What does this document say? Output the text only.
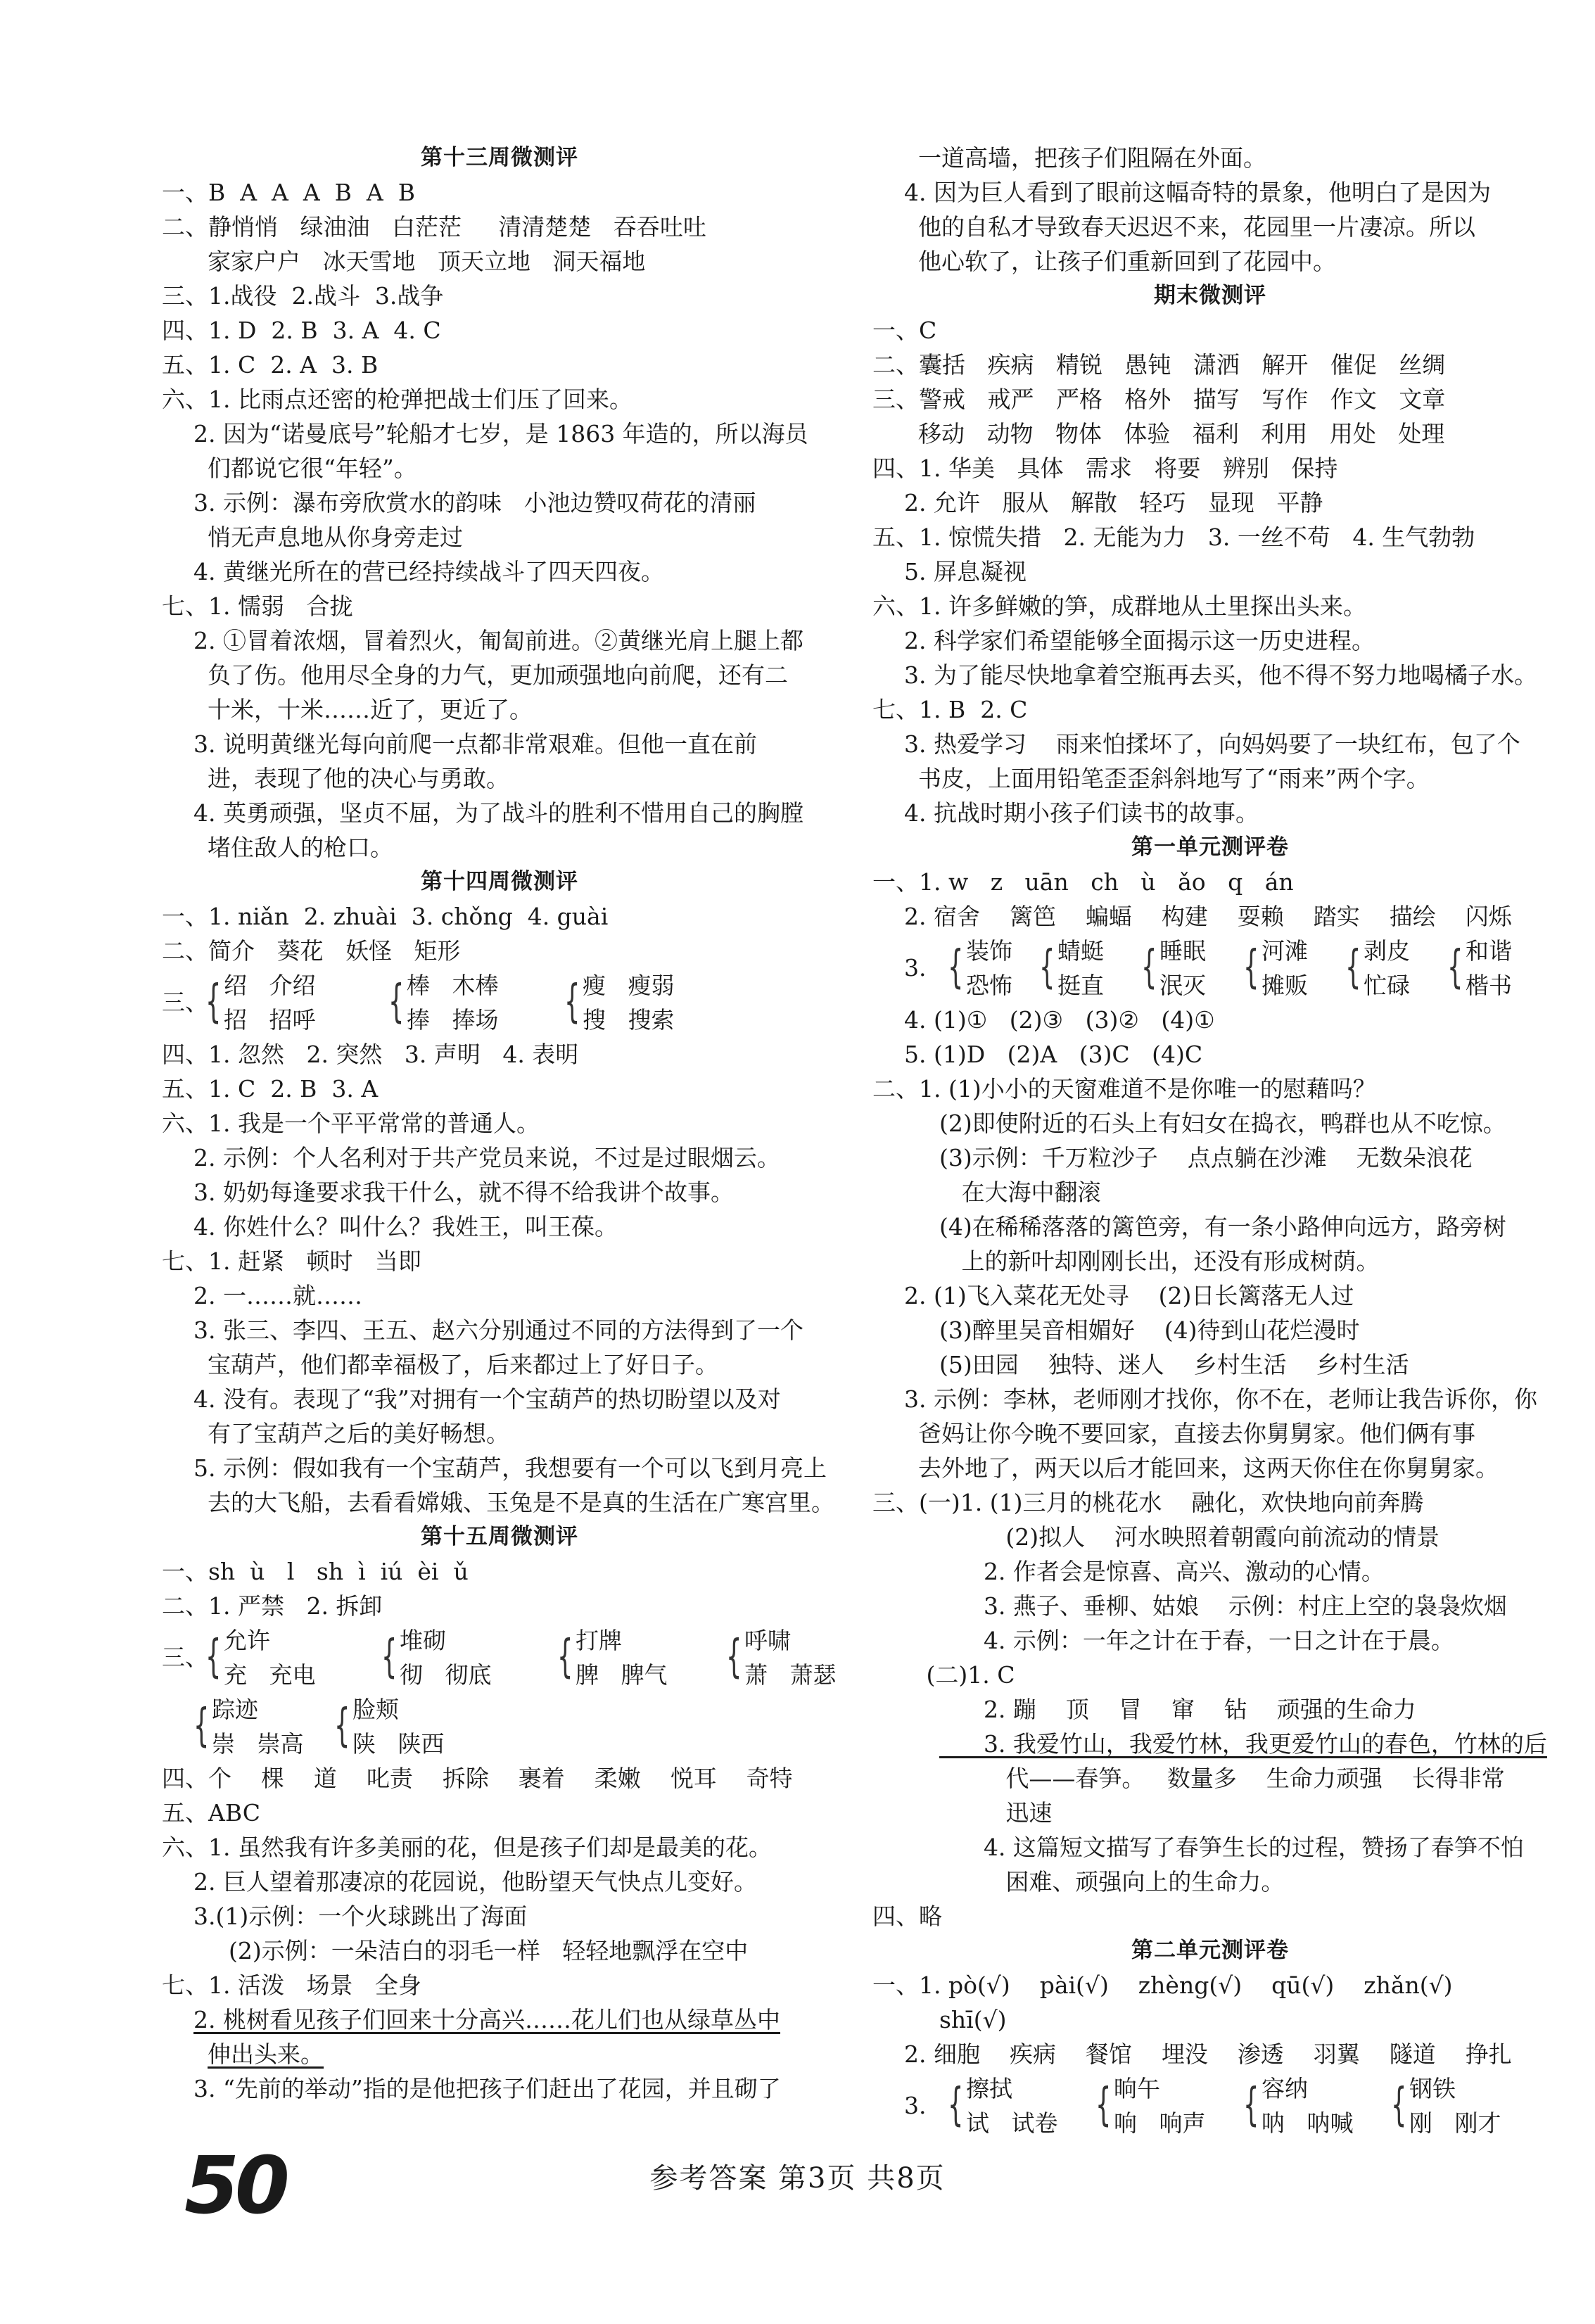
第十三周微测评
一、B  A  A  A  B  A  B
二、静悄悄   绿油油   白茫茫     清清楚楚   吞吞吐吐
家家户户   冰天雪地   顶天立地   洞天福地
三、1.战役  2.战斗  3.战争
四、1. D  2. B  3. A  4. C
五、1. C  2. A  3. B
六、1. 比雨点还密的枪弹把战士们压了回来。
2. 因为“诺曼底号”轮船才七岁，是 1863 年造的，所以海员
们都说它很“年轻”。
3. 示例：瀑布旁欣赏水的韵味   小池边赞叹荷花的清丽
悄无声息地从你身旁走过
4. 黄继光所在的营已经持续战斗了四天四夜。
七、1. 懦弱   合拢
2. ①冒着浓烟，冒着烈火，匍匐前进。②黄继光肩上腿上都
负了伤。他用尽全身的力气，更加顽强地向前爬，还有二
十米，十米……近了，更近了。
3. 说明黄继光每向前爬一点都非常艰难。但他一直在前
进，表现了他的决心与勇敢。
4. 英勇顽强，坚贞不屈，为了战斗的胜利不惜用自己的胸膛
堵住敌人的枪口。
第十四周微测评
一、1. niǎn  2. zhuài  3. chǒng  4. guài
二、简介   葵花   妖怪   矩形
三、
{ 绍   介绍
招   招呼 { 棒   木棒
捧   捧场 { 瘦   瘦弱
搜   搜索
四、1. 忽然   2. 突然   3. 声明   4. 表明
五、1. C  2. B  3. A
六、1. 我是一个平平常常的普通人。
2. 示例：个人名利对于共产党员来说，不过是过眼烟云。
3. 奶奶每逢要求我干什么，就不得不给我讲个故事。
4. 你姓什么？叫什么？我姓王，叫王葆。
七、1. 赶紧   顿时   当即
2. 一……就……
3. 张三、李四、王五、赵六分别通过不同的方法得到了一个
宝葫芦，他们都幸福极了，后来都过上了好日子。
4. 没有。表现了“我”对拥有一个宝葫芦的热切盼望以及对
有了宝葫芦之后的美好畅想。
5. 示例：假如我有一个宝葫芦，我想要有一个可以飞到月亮上
去的大飞船，去看看嫦娥、玉兔是不是真的生活在广寒宫里。
第十五周微测评
一、sh  ù   l   sh  ì  iú  èi  ǔ
二、1. 严禁   2. 拆卸
三、
{ 允许
充   充电 { 堆砌
彻   彻底 { 打牌
脾   脾气 { 呼啸
萧   萧瑟
{ 踪迹
崇   崇高 { 脸颊
陕   陕西
四、个    棵    道    叱责    拆除    裹着    柔嫩    悦耳    奇特
五、ABC
六、1. 虽然我有许多美丽的花，但是孩子们却是最美的花。
2. 巨人望着那凄凉的花园说，他盼望天气快点儿变好。
3.(1)示例：一个火球跳出了海面
(2)示例：一朵洁白的羽毛一样   轻轻地飘浮在空中
七、1. 活泼   场景   全身
2. 桃树看见孩子们回来十分高兴……花儿们也从绿草丛中
伸出头来。
3. “先前的举动”指的是他把孩子们赶出了花园，并且砌了
一道高墙，把孩子们阻隔在外面。
4. 因为巨人看到了眼前这幅奇特的景象，他明白了是因为
他的自私才导致春天迟迟不来，花园里一片凄凉。所以
他心软了，让孩子们重新回到了花园中。
期末微测评
一、C
二、囊括   疾病   精锐   愚钝   潇洒   解开   催促   丝绸
三、警戒   戒严   严格   格外   描写   写作   作文   文章
移动   动物   物体   体验   福利   利用   用处   处理
四、1. 华美   具体   需求   将要   辨别   保持
2. 允许   服从   解散   轻巧   显现   平静
五、1. 惊慌失措   2. 无能为力   3. 一丝不苟   4. 生气勃勃
5. 屏息凝视
六、1. 许多鲜嫩的笋，成群地从土里探出头来。
2. 科学家们希望能够全面揭示这一历史进程。
3. 为了能尽快地拿着空瓶再去买，他不得不努力地喝橘子水。
七、1. B  2. C
3. 热爱学习    雨来怕揉坏了，向妈妈要了一块红布，包了个
书皮，上面用铅笔歪歪斜斜地写了“雨来”两个字。
4. 抗战时期小孩子们读书的故事。
第一单元测评卷
一、1. w   z   uān   ch   ù   ǎo   q   án
2. 宿舍    篱笆    蝙蝠    构建    耍赖    踏实    描绘    闪烁
3. { 装饰
恐怖 { 蜻蜓
挺直 { 睡眠
泯灭 { 河滩
摊贩 { 剥皮
忙碌 { 和谐
楷书
4. (1)①   (2)③   (3)②   (4)①
5. (1)D   (2)A   (3)C   (4)C
二、1. (1)小小的天窗难道不是你唯一的慰藉吗？
(2)即使附近的石头上有妇女在捣衣，鸭群也从不吃惊。
(3)示例：千万粒沙子    点点躺在沙滩    无数朵浪花
在大海中翻滚
(4)在稀稀落落的篱笆旁，有一条小路伸向远方，路旁树
上的新叶却刚刚长出，还没有形成树荫。
2. (1)飞入菜花无处寻    (2)日长篱落无人过
(3)醉里吴音相媚好    (4)待到山花烂漫时
(5)田园    独特、迷人    乡村生活    乡村生活
3. 示例：李林，老师刚才找你，你不在，老师让我告诉你，你
爸妈让你今晚不要回家，直接去你舅舅家。他们俩有事
去外地了，两天以后才能回来，这两天你住在你舅舅家。
三、(一)1. (1)三月的桃花水    融化，欢快地向前奔腾
(2)拟人    河水映照着朝霞向前流动的情景
2. 作者会是惊喜、高兴、激动的心情。
3. 燕子、垂柳、姑娘    示例：村庄上空的袅袅炊烟
4. 示例：一年之计在于春，一日之计在于晨。
(二)1. C
2. 蹦    顶    冒    窜    钻    顽强的生命力
3. 我爱竹山，我爱竹林，我更爱竹山的春色，竹林的后
代——春笋。   数量多    生命力顽强    长得非常
迅速
4. 这篇短文描写了春笋生长的过程，赞扬了春笋不怕
困难、顽强向上的生命力。
四、略
第二单元测评卷
一、1. pò(√)    pài(√)    zhèng(√)    qū(√)    zhǎn(√)
shī(√)
2. 细胞    疾病    餐馆    埋没    渗透    羽翼    隧道    挣扎
3. { 擦拭
试   试卷 { 晌午
响   响声 { 容纳
呐   呐喊 { 钢铁
刚   刚才
50	参考答案 第3页 共8页
